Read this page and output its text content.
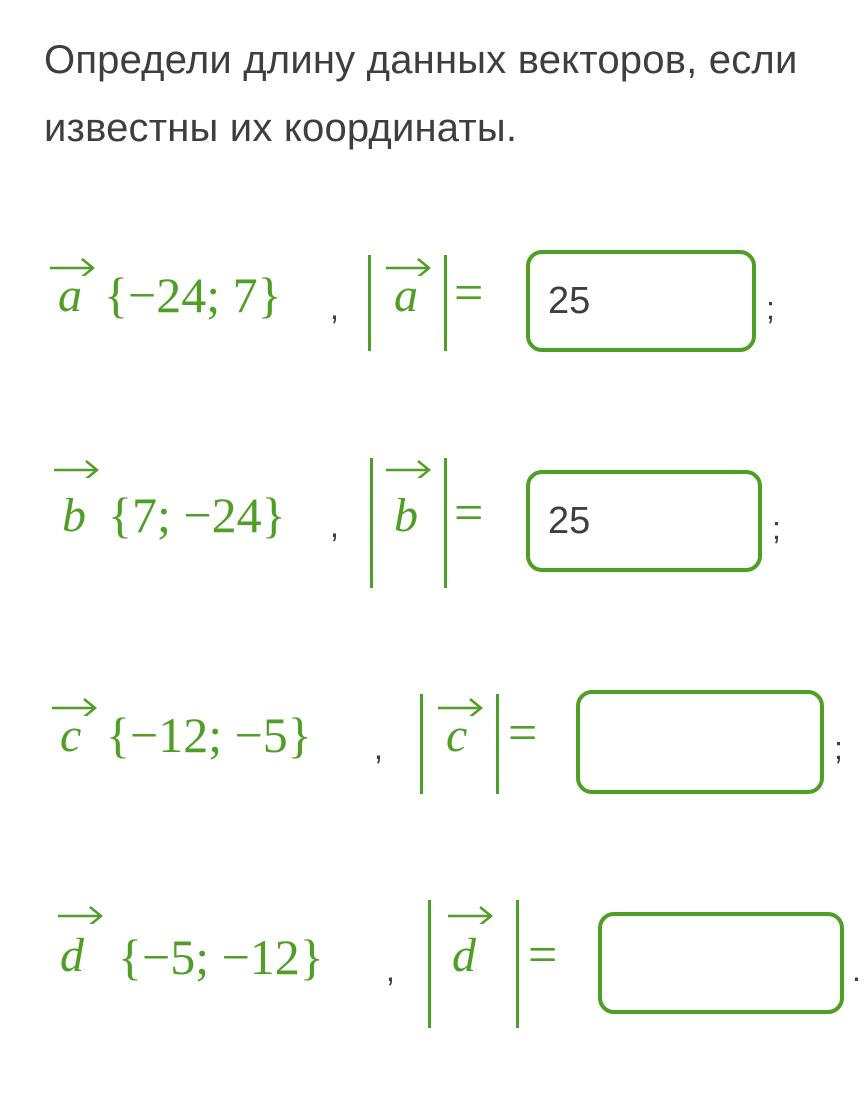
Определи длину данных векторов, если известны их координаты.
a {−24; 7} , a =
25	;
b {7; −24} , b =
25	;
c {−12; −5} , c =	;
d {−5; −12} , d =	.
